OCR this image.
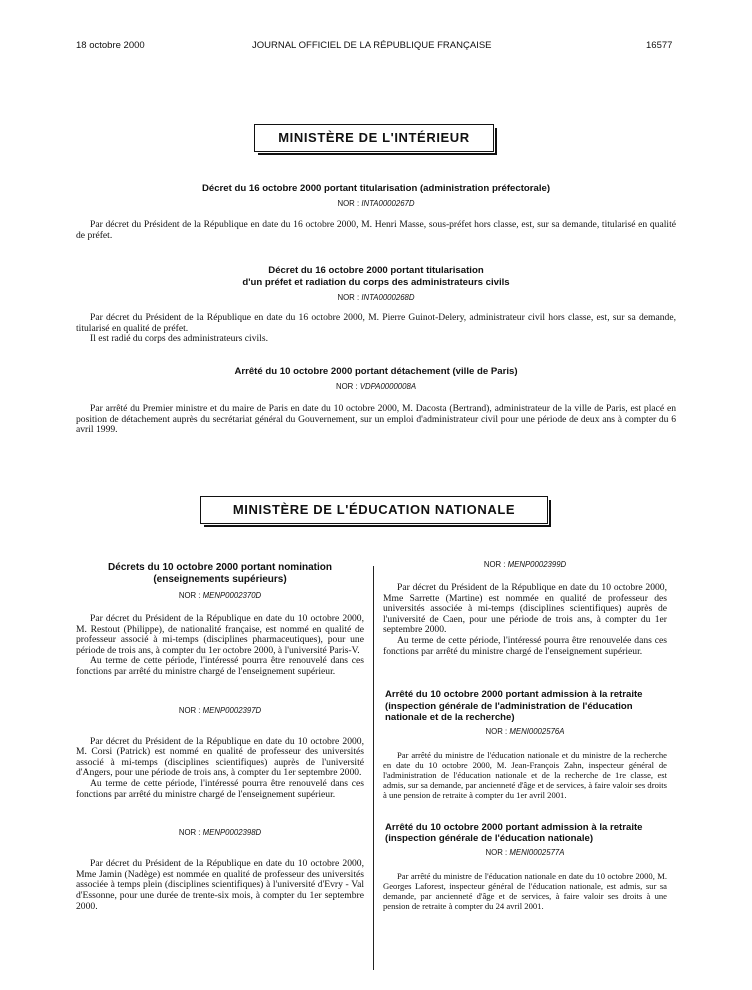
18 octobre 2000	JOURNAL OFFICIEL DE LA RÉPUBLIQUE FRANÇAISE	16577
MINISTÈRE DE L'INTÉRIEUR
Décret du 16 octobre 2000 portant titularisation (administration préfectorale)
NOR : INTA0000267D

Par décret du Président de la République en date du 16 octobre 2000, M. Henri Masse, sous-préfet hors classe, est, sur sa demande, titularisé en qualité de préfet.

Décret du 16 octobre 2000 portant titularisation
d'un préfet et radiation du corps des administrateurs civils
NOR : INTA0000268D

Par décret du Président de la République en date du 16 octobre 2000, M. Pierre Guinot-Delery, administrateur civil hors classe, est, sur sa demande, titularisé en qualité de préfet.

Il est radié du corps des administrateurs civils.

Arrêté du 10 octobre 2000 portant détachement (ville de Paris)
NOR : VDPA0000008A

Par arrêté du Premier ministre et du maire de Paris en date du 10 octobre 2000, M. Dacosta (Bertrand), administrateur de la ville de Paris, est placé en position de détachement auprès du secrétariat général du Gouvernement, sur un emploi d'administrateur civil pour une période de deux ans à compter du 6 avril 1999.

MINISTÈRE DE L'ÉDUCATION NATIONALE
Décrets du 10 octobre 2000 portant nomination
(enseignements supérieurs)
NOR : MENP0002370D

Par décret du Président de la République en date du 10 octobre 2000, M. Restout (Philippe), de nationalité française, est nommé en qualité de professeur associé à mi-temps (disciplines pharmaceutiques), pour une période de trois ans, à compter du 1er octobre 2000, à l'université Paris-V.

Au terme de cette période, l'intéressé pourra être renouvelé dans ces fonctions par arrêté du ministre chargé de l'enseignement supérieur.

NOR : MENP0002397D

Par décret du Président de la République en date du 10 octobre 2000, M. Corsi (Patrick) est nommé en qualité de professeur des universités associé à mi-temps (disciplines scientifiques) auprès de l'université d'Angers, pour une période de trois ans, à compter du 1er septembre 2000.

Au terme de cette période, l'intéressé pourra être renouvelé dans ces fonctions par arrêté du ministre chargé de l'enseignement supérieur.

NOR : MENP0002398D

Par décret du Président de la République en date du 10 octobre 2000, Mme Jamin (Nadège) est nommée en qualité de professeur des universités associée à temps plein (disciplines scientifiques) à l'université d'Evry - Val d'Essonne, pour une durée de trente-six mois, à compter du 1er septembre 2000.

NOR : MENP0002399D

Par décret du Président de la République en date du 10 octobre 2000, Mme Sarrette (Martine) est nommée en qualité de professeur des universités associée à mi-temps (disciplines scientifiques) auprès de l'université de Caen, pour une période de trois ans, à compter du 1er septembre 2000.

Au terme de cette période, l'intéressé pourra être renouvelée dans ces fonctions par arrêté du ministre chargé de l'enseignement supérieur.

Arrêté du 10 octobre 2000 portant admission à la retraite
(inspection générale de l'administration de l'éducation
nationale et de la recherche)
NOR : MENI0002576A

Par arrêté du ministre de l'éducation nationale et du ministre de la recherche en date du 10 octobre 2000, M. Jean-François Zahn, inspecteur général de l'administration de l'éducation nationale et de la recherche de 1re classe, est admis, sur sa demande, par ancienneté d'âge et de services, à faire valoir ses droits à une pension de retraite à compter du 1er avril 2001.

Arrêté du 10 octobre 2000 portant admission à la retraite
(inspection générale de l'éducation nationale)
NOR : MENI0002577A

Par arrêté du ministre de l'éducation nationale en date du 10 octobre 2000, M. Georges Laforest, inspecteur général de l'éducation nationale, est admis, sur sa demande, par ancienneté d'âge et de services, à faire valoir ses droits à une pension de retraite à compter du 24 avril 2001.
